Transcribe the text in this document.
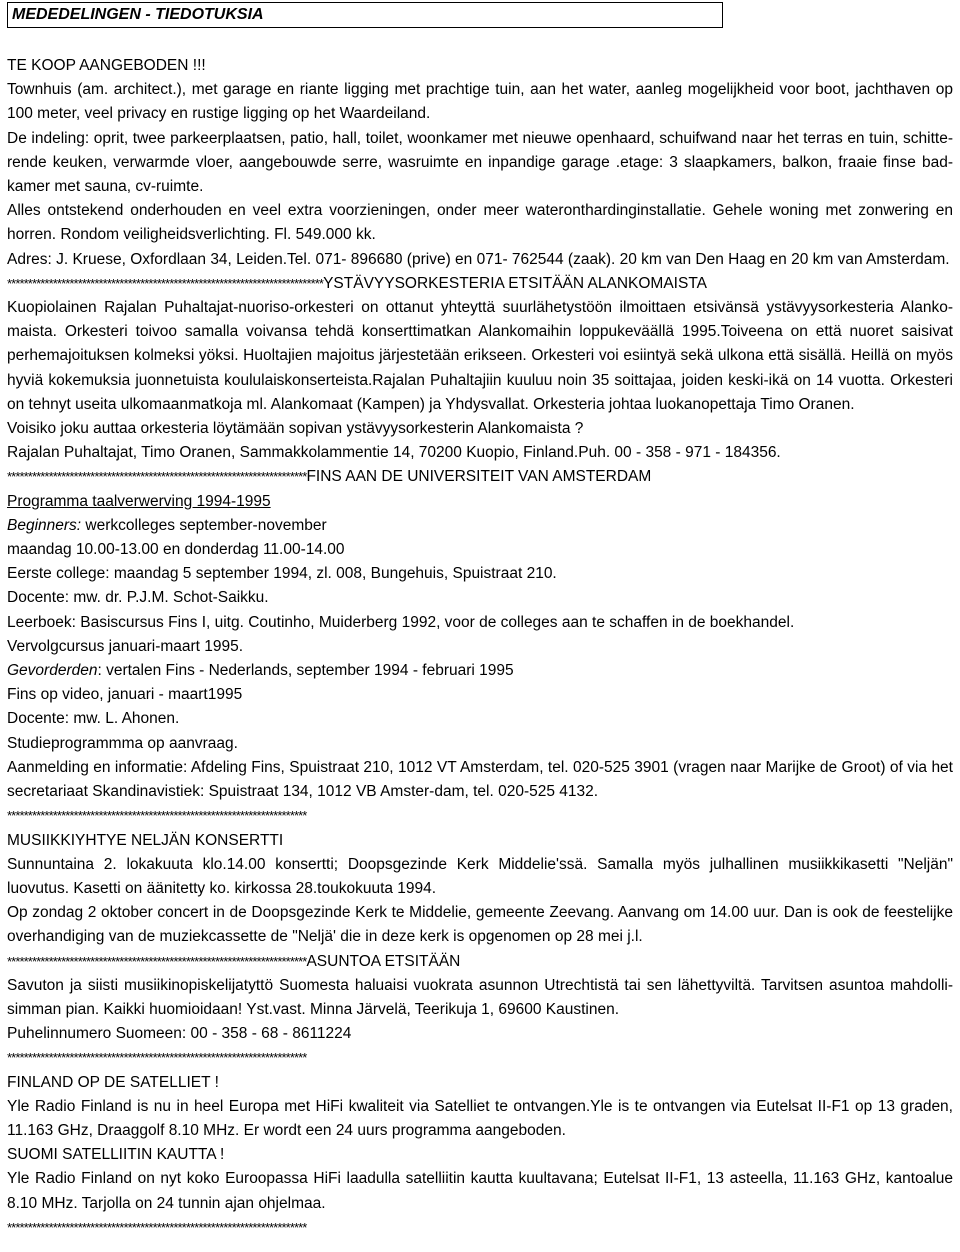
MEDEDELINGEN - TIEDOTUKSIA
TE KOOP AANGEBODEN !!!

Townhuis (am. architect.), met garage en riante ligging met prachtige tuin, aan het water, aanleg mogelijkheid voor boot, jachthaven op 100 meter, veel privacy en rustige ligging op het Waardeiland.

De indeling: oprit, twee parkeerplaatsen, patio, hall, toilet, woonkamer met nieuwe openhaard, schuifwand naar het terras en tuin, schitte-rende keuken, verwarmde vloer, aangebouwde serre, wasruimte en inpandige garage .etage: 3 slaapkamers, balkon, fraaie finse bad-kamer met sauna, cv-ruimte.

Alles ontstekend onderhouden en veel extra voorzieningen, onder meer wateronthardinginstallatie. Gehele woning met zonwering en horren. Rondom veiligheidsverlichting. Fl. 549.000 kk.

Adres: J. Kruese, Oxfordlaan 34, Leiden.Tel. 071- 896680 (prive) en 071- 762544 (zaak). 20 km van Den Haag en 20 km van Amsterdam.

****************************************************************************YSTÄVYYSORKESTERIA ETSITÄÄN ALANKOMAISTA

Kuopiolainen Rajalan Puhaltajat-nuoriso-orkesteri on ottanut yhteyttä suurlähetystöön ilmoittaen etsivänsä ystävyysorkesteria Alanko-maista. Orkesteri toivoo samalla voivansa tehdä konserttimatkan Alankomaihin loppukeväällä 1995.Toiveena on että nuoret saisivat perhemajoituksen kolmeksi yöksi. Huoltajien majoitus järjestetään erikseen. Orkesteri voi esiintyä sekä ulkona että sisällä. Heillä on myös hyviä kokemuksia juonnetuista koululaiskonserteista.Rajalan Puhaltajiin kuuluu noin 35 soittajaa, joiden keski-ikä on 14 vuotta. Orkesteri on tehnyt useita ulkomaanmatkoja ml. Alankomaat (Kampen) ja Yhdysvallat. Orkesteria johtaa luokanopettaja Timo Oranen.

Voisiko joku auttaa orkesteria löytämään sopivan ystävyysorkesterin Alankomaista ?
Rajalan Puhaltajat, Timo Oranen, Sammakkolammentie 14, 70200 Kuopio, Finland.Puh. 00 - 358 - 971 - 184356.
************************************************************************FINS AAN DE UNIVERSITEIT VAN AMSTERDAM
Programma taalverwerving 1994-1995
Beginners: werkcolleges september-november
maandag 10.00-13.00 en donderdag 11.00-14.00
Eerste college: maandag 5 september 1994, zl. 008, Bungehuis, Spuistraat 210.
Docente: mw. dr. P.J.M. Schot-Saikku.
Leerboek: Basiscursus Fins I, uitg. Coutinho, Muiderberg 1992, voor de colleges aan te schaffen in de boekhandel.
Vervolgcursus januari-maart 1995.
Gevorderden: vertalen Fins - Nederlands, september 1994 - februari 1995
Fins op video, januari - maart1995
Docente: mw. L. Ahonen.
Studieprogrammma op aanvraag.

Aanmelding en informatie: Afdeling Fins, Spuistraat 210, 1012 VT Amsterdam, tel. 020-525 3901 (vragen naar Marijke de Groot) of via het secretariaat Skandinavistiek: Spuistraat 134, 1012 VB Amster-dam, tel. 020-525 4132.

************************************************************************
MUSIIKKIYHTYE NELJÄN KONSERTTI

Sunnuntaina 2. lokakuuta klo.14.00 konsertti; Doopsgezinde Kerk Middelie'ssä. Samalla myös julhallinen musiikkikasetti "Neljän" luovutus. Kasetti on äänitetty ko. kirkossa 28.toukokuuta 1994.

Op zondag 2 oktober concert in de Doopsgezinde Kerk te Middelie, gemeente Zeevang. Aanvang om 14.00 uur. Dan is ook de feestelijke overhandiging van de muziekcassette de "Neljä' die in deze kerk is opgenomen op 28 mei j.l.

************************************************************************ASUNTOA ETSITÄÄN

Savuton ja siisti musiikinopiskelijatyttö Suomesta haluaisi vuokrata asunnon Utrechtistä tai sen lähettyviltä. Tarvitsen asuntoa mahdolli-simman pian. Kaikki huomioidaan! Yst.vast. Minna Järvelä, Teerikuja 1, 69600 Kaustinen.

Puhelinnumero Suomeen: 00 - 358 - 68 - 8611224
************************************************************************
FINLAND OP DE SATELLIET !

Yle Radio Finland is nu in heel Europa met HiFi kwaliteit via Satelliet te ontvangen.Yle is te ontvangen via Eutelsat II-F1 op 13 graden, 11.163 GHz, Draaggolf 8.10 MHz. Er wordt een 24 uurs programma aangeboden.

SUOMI SATELLIITIN KAUTTA !

Yle Radio Finland on nyt koko Euroopassa HiFi laadulla satelliitin kautta kuultavana; Eutelsat II-F1, 13 asteella, 11.163 GHz, kantoalue 8.10 MHz. Tarjolla on 24 tunnin ajan ohjelmaa.

************************************************************************
